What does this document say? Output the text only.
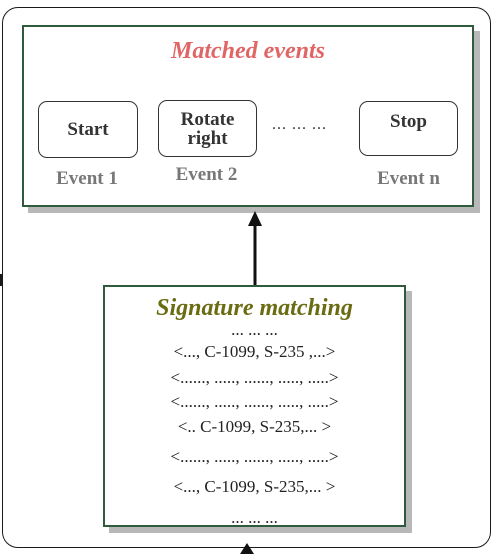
Matched events
Start	Rotate right
... ... ...	Stop
Event 1	Event 2	Event n
Signature matching
... ... ...
<..., C-1099, S-235 ,...>
<......, ....., ......, ....., .....>
<......, ....., ......, ....., .....>
<.. C-1099, S-235,... >
<......, ....., ......, ....., .....>
<..., C-1099, S-235,... >
... ... ...
